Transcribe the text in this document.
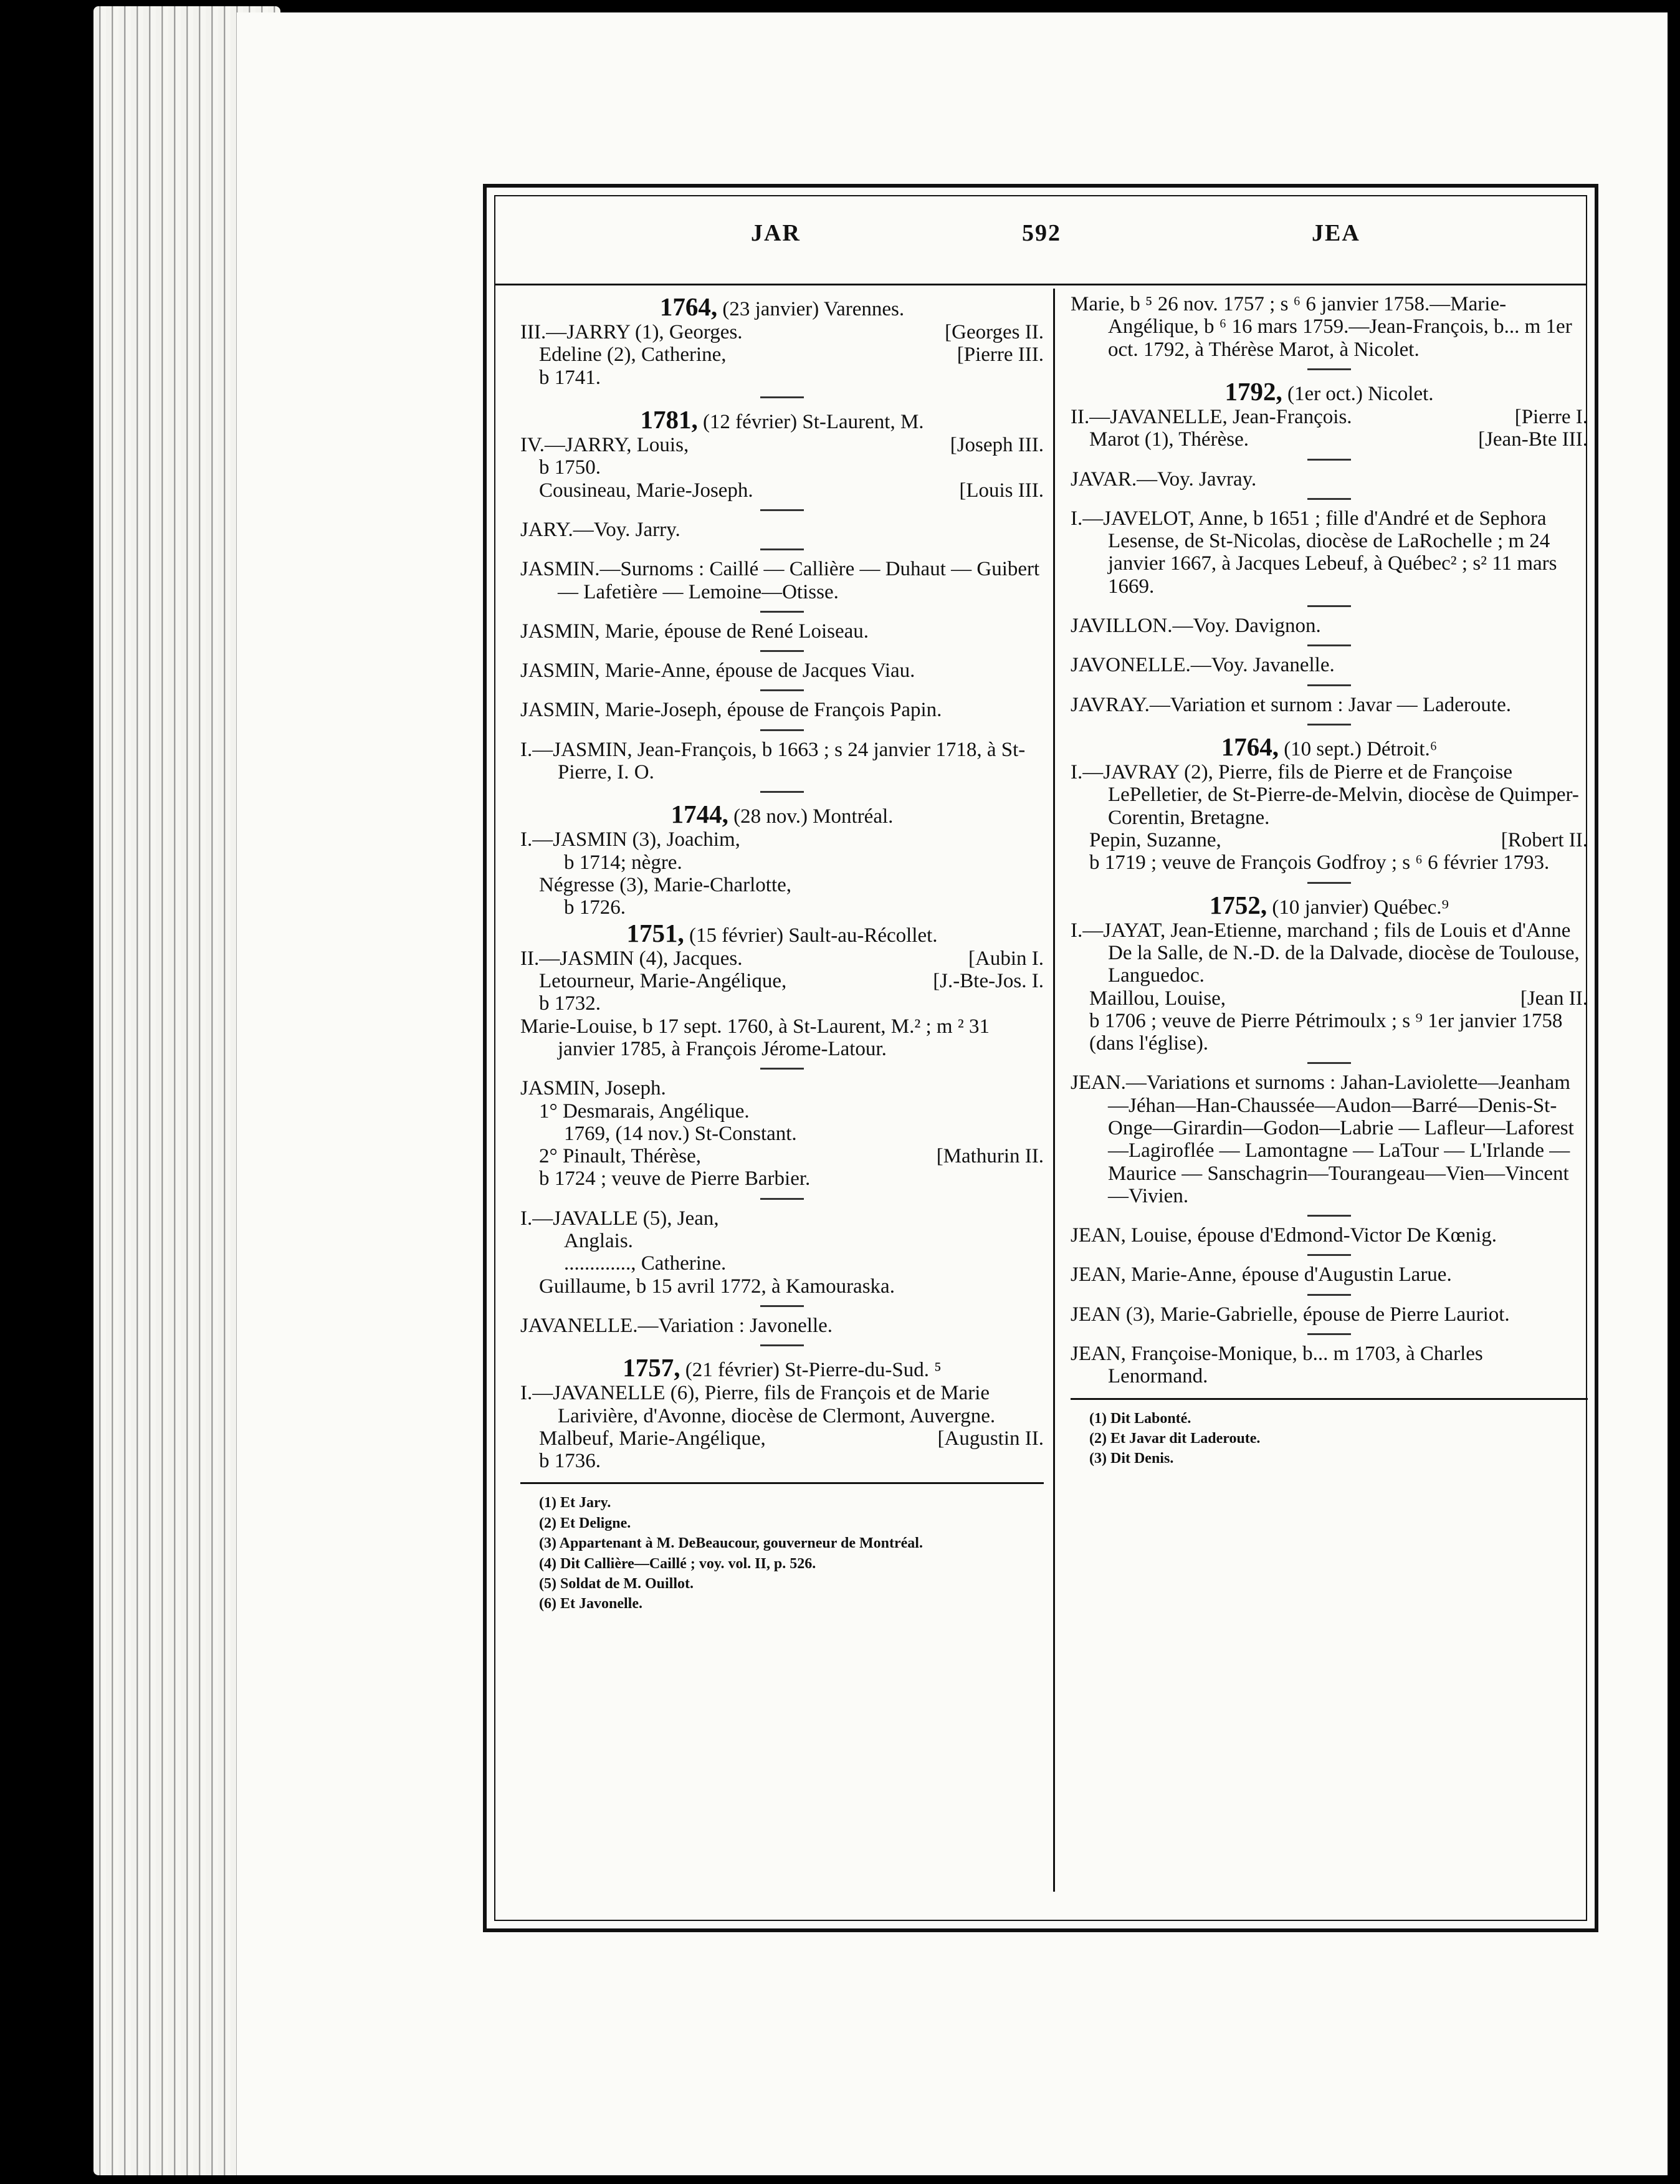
JAR	592	JEA
1764, (23 janvier) Varennes.
III.—JARRY (1), Georges.	[Georges II.
Edeline (2), Catherine,	[Pierre III.
b 1741.
1781, (12 février) St-Laurent, M.
IV.—JARRY, Louis,	[Joseph III.
b 1750.
Cousineau, Marie-Joseph.	[Louis III.
JARY.—Voy. Jarry.
JASMIN.—Surnoms : Caillé — Callière — Duhaut — Guibert — Lafetière — Lemoine—Otisse.
JASMIN, Marie, épouse de René Loiseau.
JASMIN, Marie-Anne, épouse de Jacques Viau.
JASMIN, Marie-Joseph, épouse de François Papin.
I.—JASMIN, Jean-François, b 1663 ; s 24 janvier 1718, à St-Pierre, I. O.
1744, (28 nov.) Montréal.
I.—JASMIN (3), Joachim,
b 1714; nègre.
Négresse (3), Marie-Charlotte,
b 1726.
1751, (15 février) Sault-au-Récollet.
II.—JASMIN (4), Jacques.	[Aubin I.
Letourneur, Marie-Angélique,	[J.-Bte-Jos. I.
b 1732.
Marie-Louise, b 17 sept. 1760, à St-Laurent, M.² ; m ² 31 janvier 1785, à François Jérome-Latour.
JASMIN, Joseph.
1° Desmarais, Angélique.
1769, (14 nov.) St-Constant.
2° Pinault, Thérèse,	[Mathurin II.
b 1724 ; veuve de Pierre Barbier.
I.—JAVALLE (5), Jean,
Anglais.
............., Catherine.
Guillaume, b 15 avril 1772, à Kamouraska.
JAVANELLE.—Variation : Javonelle.
1757, (21 février) St-Pierre-du-Sud. ⁵
I.—JAVANELLE (6), Pierre, fils de François et de Marie Larivière, d'Avonne, diocèse de Clermont, Auvergne.
Malbeuf, Marie-Angélique,	[Augustin II.
b 1736.
(1) Et Jary.
(2) Et Deligne.
(3) Appartenant à M. DeBeaucour, gouverneur de Montréal.
(4) Dit Callière—Caillé ; voy. vol. II, p. 526.
(5) Soldat de M. Ouillot.
(6) Et Javonelle.
Marie, b ⁵ 26 nov. 1757 ; s ⁶ 6 janvier 1758.—Marie-Angélique, b ⁶ 16 mars 1759.—Jean-François, b... m 1er oct. 1792, à Thérèse Marot, à Nicolet.
1792, (1er oct.) Nicolet.
II.—JAVANELLE, Jean-François.	[Pierre I.
Marot (1), Thérèse.	[Jean-Bte III.
JAVAR.—Voy. Javray.
I.—JAVELOT, Anne, b 1651 ; fille d'André et de Sephora Lesense, de St-Nicolas, diocèse de LaRochelle ; m 24 janvier 1667, à Jacques Lebeuf, à Québec² ; s² 11 mars 1669.
JAVILLON.—Voy. Davignon.
JAVONELLE.—Voy. Javanelle.
JAVRAY.—Variation et surnom : Javar — Laderoute.
1764, (10 sept.) Détroit.⁶
I.—JAVRAY (2), Pierre, fils de Pierre et de Françoise LePelletier, de St-Pierre-de-Melvin, diocèse de Quimper-Corentin, Bretagne.
Pepin, Suzanne,	[Robert II.
b 1719 ; veuve de François Godfroy ; s ⁶ 6 février 1793.
1752, (10 janvier) Québec.⁹
I.—JAYAT, Jean-Etienne, marchand ; fils de Louis et d'Anne De la Salle, de N.-D. de la Dalvade, diocèse de Toulouse, Languedoc.
Maillou, Louise,	[Jean II.
b 1706 ; veuve de Pierre Pétrimoulx ; s ⁹ 1er janvier 1758 (dans l'église).
JEAN.—Variations et surnoms : Jahan-Laviolette—Jeanham—Jéhan—Han-Chaussée—Audon—Barré—Denis-St-Onge—Girardin—Godon—Labrie — Lafleur—Laforest—Lagiroflée — Lamontagne — LaTour — L'Irlande — Maurice — Sanschagrin—Tourangeau—Vien—Vincent—Vivien.
JEAN, Louise, épouse d'Edmond-Victor De Kœnig.
JEAN, Marie-Anne, épouse d'Augustin Larue.
JEAN (3), Marie-Gabrielle, épouse de Pierre Lauriot.
JEAN, Françoise-Monique, b... m 1703, à Charles Lenormand.
(1) Dit Labonté.
(2) Et Javar dit Laderoute.
(3) Dit Denis.
